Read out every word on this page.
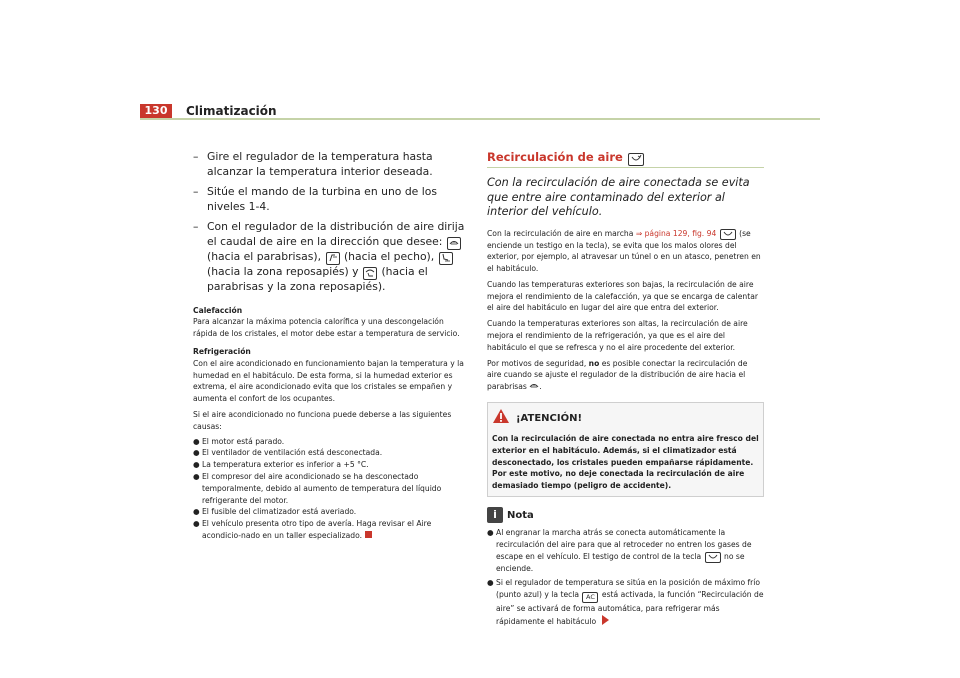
130	Climatización
– Gire el regulador de la temperatura hasta alcanzar la temperatura interior deseada.
– Sitúe el mando de la turbina en uno de los niveles 1-4.
– Con el regulador de la distribución de aire dirija el caudal de aire en la dirección que desee:  (hacia el parabrisas), (hacia el pecho),  (hacia la zona reposapiés) y (hacia el parabrisas y la zona reposapiés).
Calefacción
Para alcanzar la máxima potencia calorífica y una descongelación rápida de los cristales, el motor debe estar a temperatura de servicio.
Refrigeración
Con el aire acondicionado en funcionamiento bajan la temperatura y la humedad en el habitáculo. De esta forma, si la humedad exterior es extrema, el aire acondicionado evita que los cristales se empañen y aumenta el confort de los ocupantes.
Si el aire acondicionado no funciona puede deberse a las siguientes causas:
● El motor está parado.
● El ventilador de ventilación está desconectada.
● La temperatura exterior es inferior a +5 °C.
● El compresor del aire acondicionado se ha desconectado temporalmente, debido al aumento de temperatura del líquido refrigerante del motor.
● El fusible del climatizador está averiado.
● El vehículo presenta otro tipo de avería. Haga revisar el Aire acondicio-nado en un taller especializado.
Recirculación de aire
Con la recirculación de aire conectada se evita que entre aire contaminado del exterior al interior del vehículo.
Con la recirculación de aire en marcha ⇒ página 129, fig. 94	(se enciende un testigo en la tecla), se evita que los malos olores del exterior, por ejemplo, al atravesar un túnel o en un atasco, penetren en el habitáculo.
Cuando las temperaturas exteriores son bajas, la recirculación de aire mejora el rendimiento de la calefacción, ya que se encarga de calentar el aire del habitáculo en lugar del aire que entra del exterior.
Cuando la temperaturas exteriores son altas, la recirculación de aire mejora el rendimiento de la refrigeración, ya que es el aire del habitáculo el que se refresca y no el aire procedente del exterior.
Por motivos de seguridad, no es posible conectar la recirculación de aire cuando se ajuste el regulador de la distribución de aire hacia el parabrisas .
¡ATENCIÓN!
Con la recirculación de aire conectada no entra aire fresco del exterior en el habitáculo. Además, si el climatizador está desconectado, los cristales pueden empañarse rápidamente. Por este motivo, no deje conectada la recirculación de aire demasiado tiempo (peligro de accidente).
i	Nota
● Al engranar la marcha atrás se conecta automáticamente la recirculación del aire para que al retroceder no entren los gases de escape en el vehículo. El testigo de control de la tecla	no se enciende.
● Si el regulador de temperatura se sitúa en la posición de máximo frío (punto azul) y la tecla AC está activada, la función “Recirculación de aire” se activará de forma automática, para refrigerar más rápidamente el habitáculo
